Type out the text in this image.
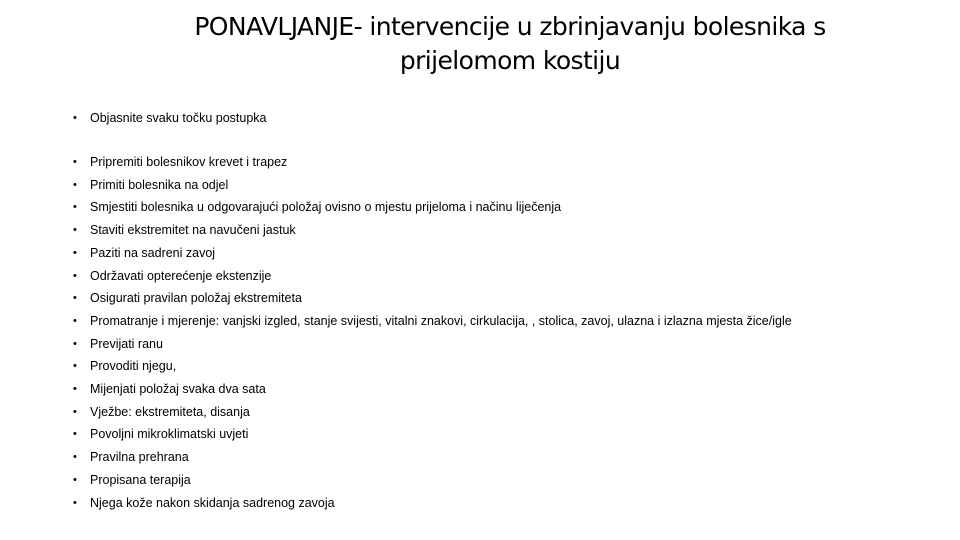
PONAVLJANJE- intervencije u zbrinjavanju bolesnika s
prijelomom kostiju
• Objasnite svaku točku postupka
• Pripremiti bolesnikov krevet i trapez
• Primiti bolesnika na odjel
• Smjestiti bolesnika u odgovarajući položaj ovisno o mjestu prijeloma i načinu liječenja
• Staviti ekstremitet na navučeni jastuk
• Paziti na sadreni zavoj
• Održavati opterećenje ekstenzije
• Osigurati pravilan položaj ekstremiteta
• Promatranje i mjerenje: vanjski izgled, stanje svijesti, vitalni znakovi, cirkulacija, , stolica, zavoj, ulazna i izlazna mjesta žice/igle
• Previjati ranu
• Provoditi njegu,
• Mijenjati položaj svaka dva sata
• Vježbe: ekstremiteta, disanja
• Povoljni mikroklimatski uvjeti
• Pravilna prehrana
• Propisana terapija
• Njega kože nakon skidanja sadrenog zavoja
